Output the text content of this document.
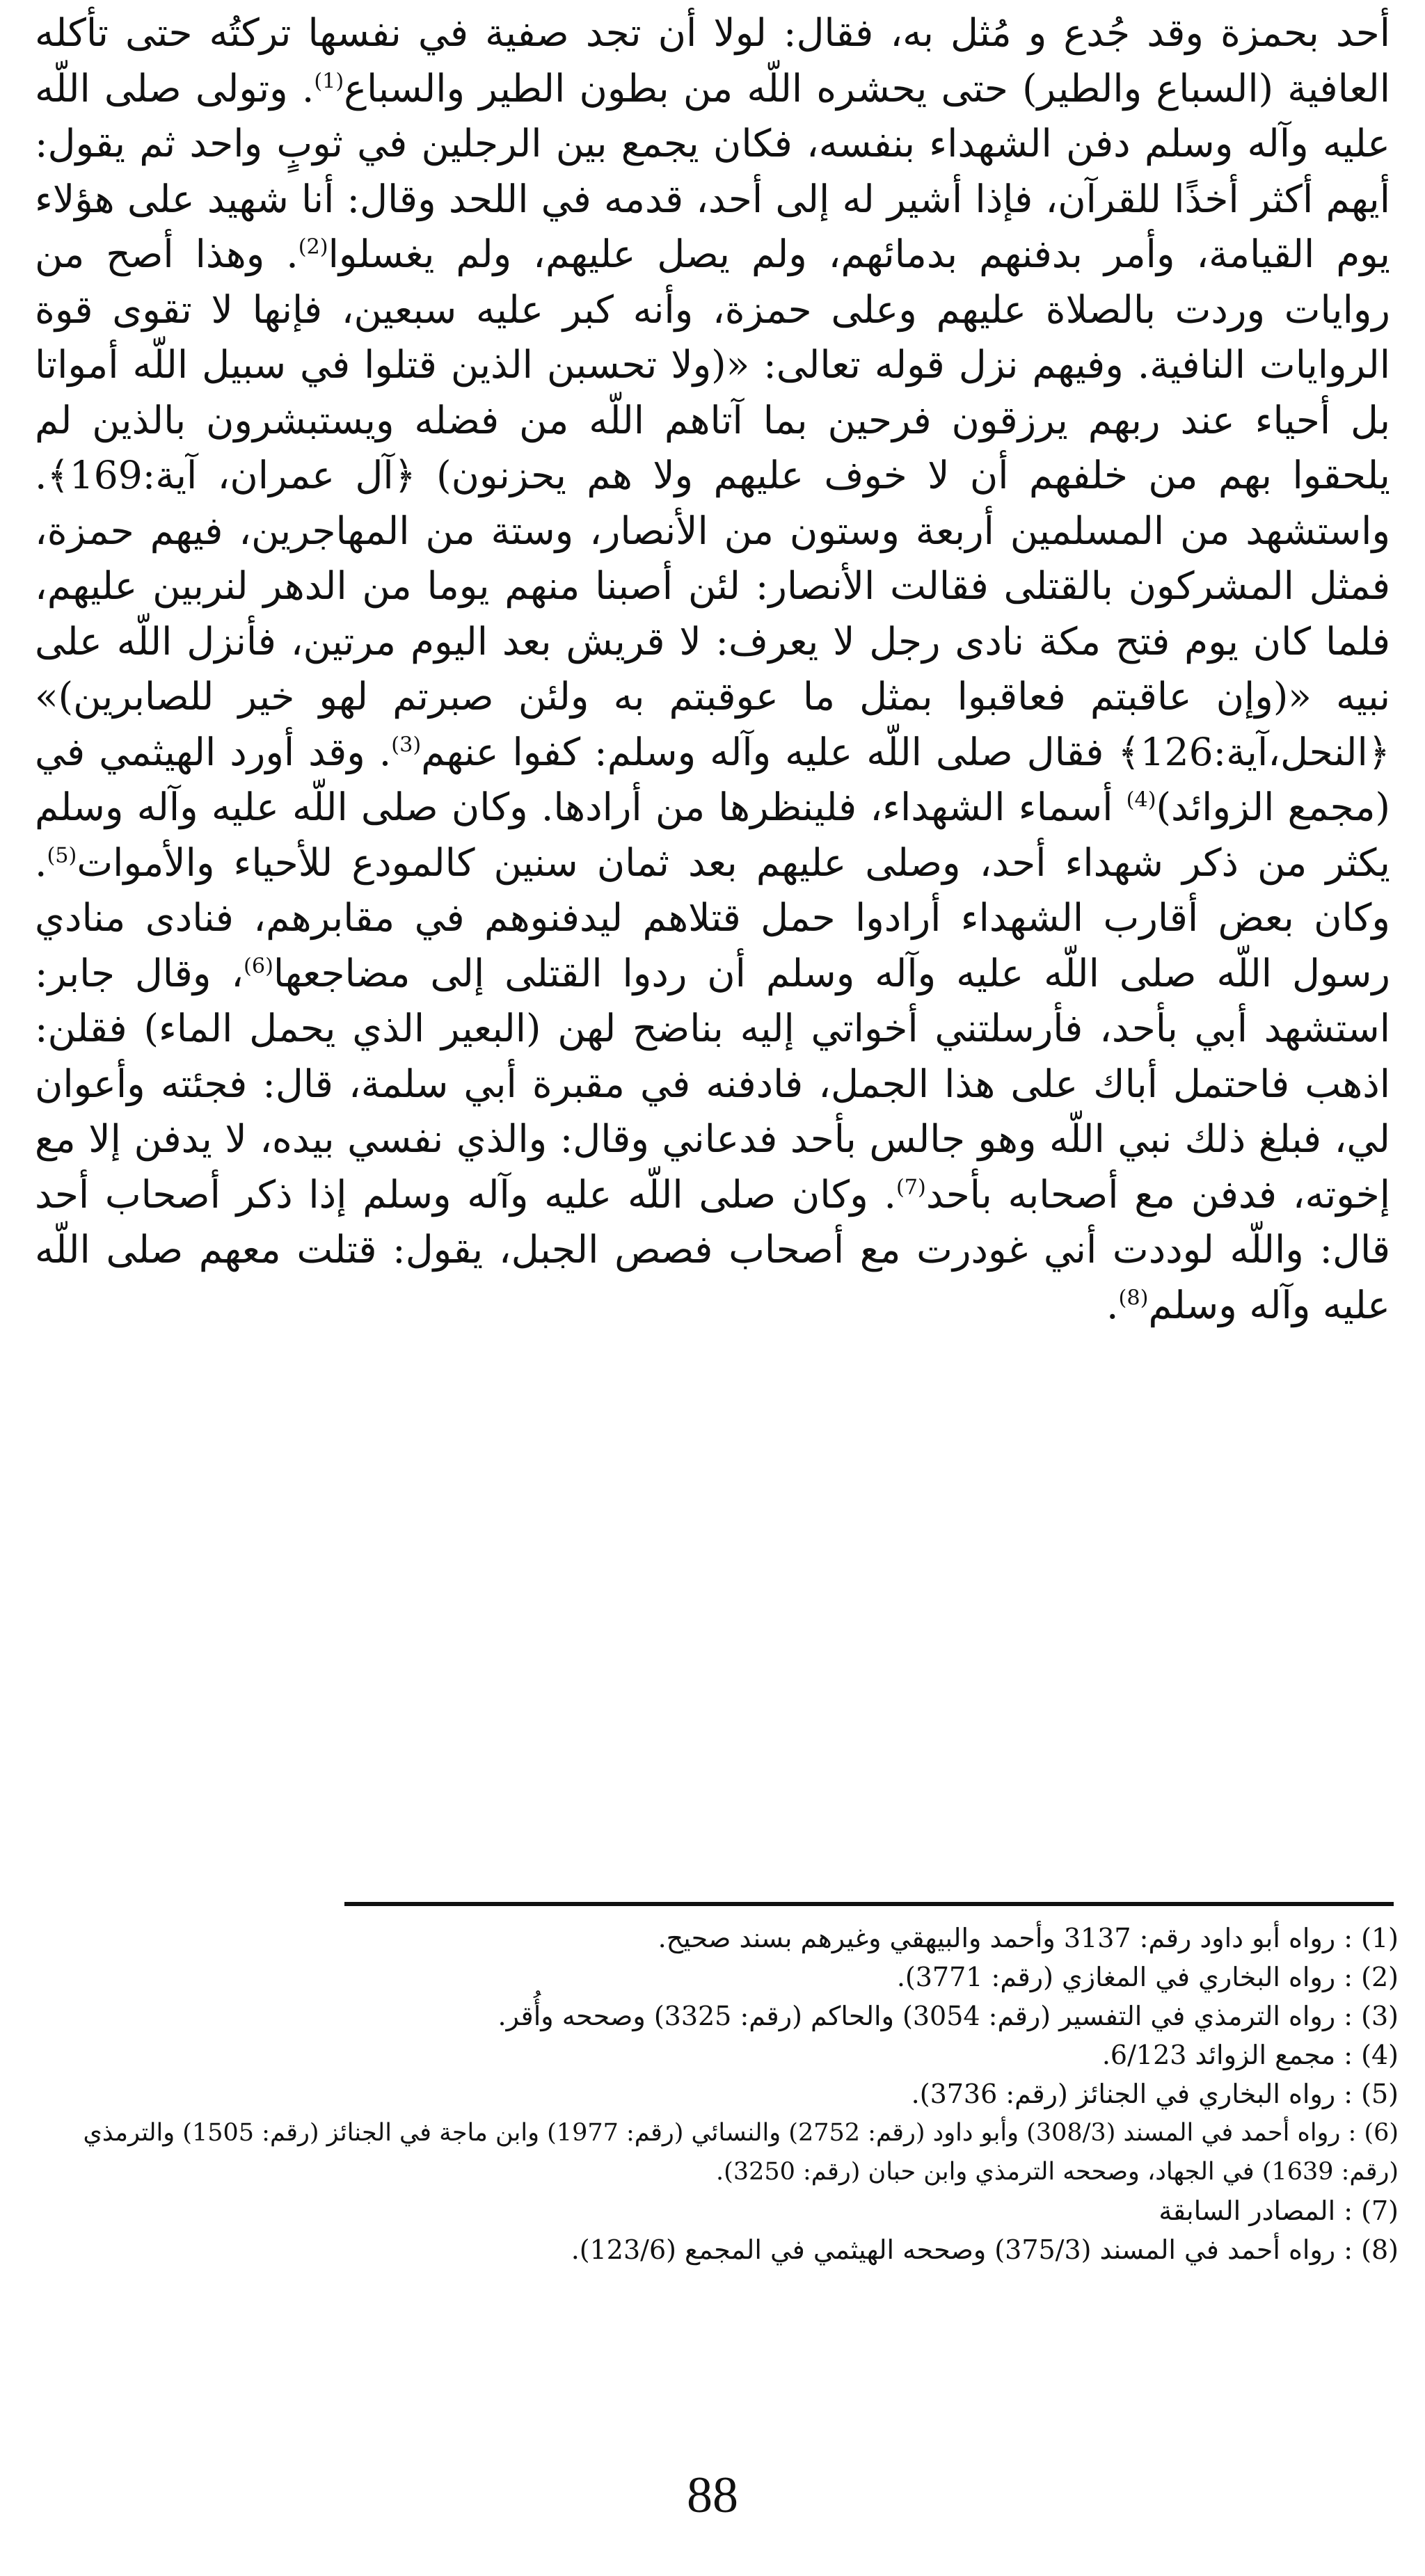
أحد بحمزة وقد جُدع و مُثل به، فقال: لولا أن تجد صفية في نفسها تركتُه حتى تأكله العافية (السباع والطير) حتى يحشره اللّه من بطون الطير والسباع$^{(1)}$. وتولى صلى اللّه عليه وآله وسلم دفن الشهداء بنفسه، فكان يجمع بين الرجلين في ثوبٍ واحد ثم يقول: أيهم أكثر أخذًا للقرآن، فإذا أشير له إلى أحد، قدمه في اللحد وقال: أنا شهيد على هؤلاء يوم القيامة، وأمر بدفنهم بدمائهم، ولم يصل عليهم، ولم يغسلوا$^{(2)}$. وهذا أصح من روايات وردت بالصلاة عليهم وعلى حمزة، وأنه كبر عليه سبعين، فإنها لا تقوى قوة الروايات النافية. وفيهم نزل قوله تعالى: «(ولا تحسبن الذين قتلوا في سبيل اللّه أمواتا بل أحياء عند ربهم يرزقون فرحين بما آتاهم اللّه من فضله ويستبشرون بالذين لم يلحقوا بهم من خلفهم أن لا خوف عليهم ولا هم يحزنون) ﴿آل عمران، آية:169﴾. واستشهد من المسلمين أربعة وستون من الأنصار، وستة من المهاجرين، فيهم حمزة، فمثل المشركون بالقتلى فقالت الأنصار: لئن أصبنا منهم يوما من الدهر لنربين عليهم، فلما كان يوم فتح مكة نادى رجل لا يعرف: لا قريش بعد اليوم مرتين، فأنزل اللّه على نبيه «(وإن عاقبتم فعاقبوا بمثل ما عوقبتم به ولئن صبرتم لهو خير للصابرين)» ﴿النحل،آية:126﴾ فقال صلى اللّه عليه وآله وسلم: كفوا عنهم$^{(3)}$. وقد أورد الهيثمي في (مجمع الزوائد)$^{(4)}$ أسماء الشهداء، فلينظرها من أرادها. وكان صلى اللّه عليه وآله وسلم يكثر من ذكر شهداء أحد، وصلى عليهم بعد ثمان سنين كالمودع للأحياء والأموات$^{(5)}$. وكان بعض أقارب الشهداء أرادوا حمل قتلاهم ليدفنوهم في مقابرهم، فنادى منادي رسول اللّه صلى اللّه عليه وآله وسلم أن ردوا القتلى إلى مضاجعها$^{(6)}$، وقال جابر: استشهد أبي بأحد، فأرسلتني أخواتي إليه بناضح لهن (البعير الذي يحمل الماء) فقلن: اذهب فاحتمل أباك على هذا الجمل، فادفنه في مقبرة أبي سلمة، قال: فجئته وأعوان لي، فبلغ ذلك نبي اللّه وهو جالس بأحد فدعاني وقال: والذي نفسي بيده، لا يدفن إلا مع إخوته، فدفن مع أصحابه بأحد$^{(7)}$. وكان صلى اللّه عليه وآله وسلم إذا ذكر أصحاب أحد قال: واللّه لوددت أني غودرت مع أصحاب فصص الجبل، يقول: قتلت معهم صلى اللّه عليه وآله وسلم$^{(8)}$.

(1) : رواه أبو داود رقم: 3137 وأحمد والبيهقي وغيرهم بسند صحيح.
(2) : رواه البخاري في المغازي (رقم: 3771).
(3) : رواه الترمذي في التفسير (رقم: 3054) والحاكم (رقم: 3325) وصححه وأُقر.
(4) : مجمع الزوائد 6/123.
(5) : رواه البخاري في الجنائز (رقم: 3736).
(6) : رواه أحمد في المسند (308/3) وأبو داود (رقم: 2752) والنسائي (رقم: 1977) وابن ماجة في الجنائز (رقم: 1505) والترمذي (رقم: 1639) في الجهاد، وصححه الترمذي وابن حبان (رقم: 3250).
(7) : المصادر السابقة
(8) : رواه أحمد في المسند (375/3) وصححه الهيثمي في المجمع (123/6).
88
